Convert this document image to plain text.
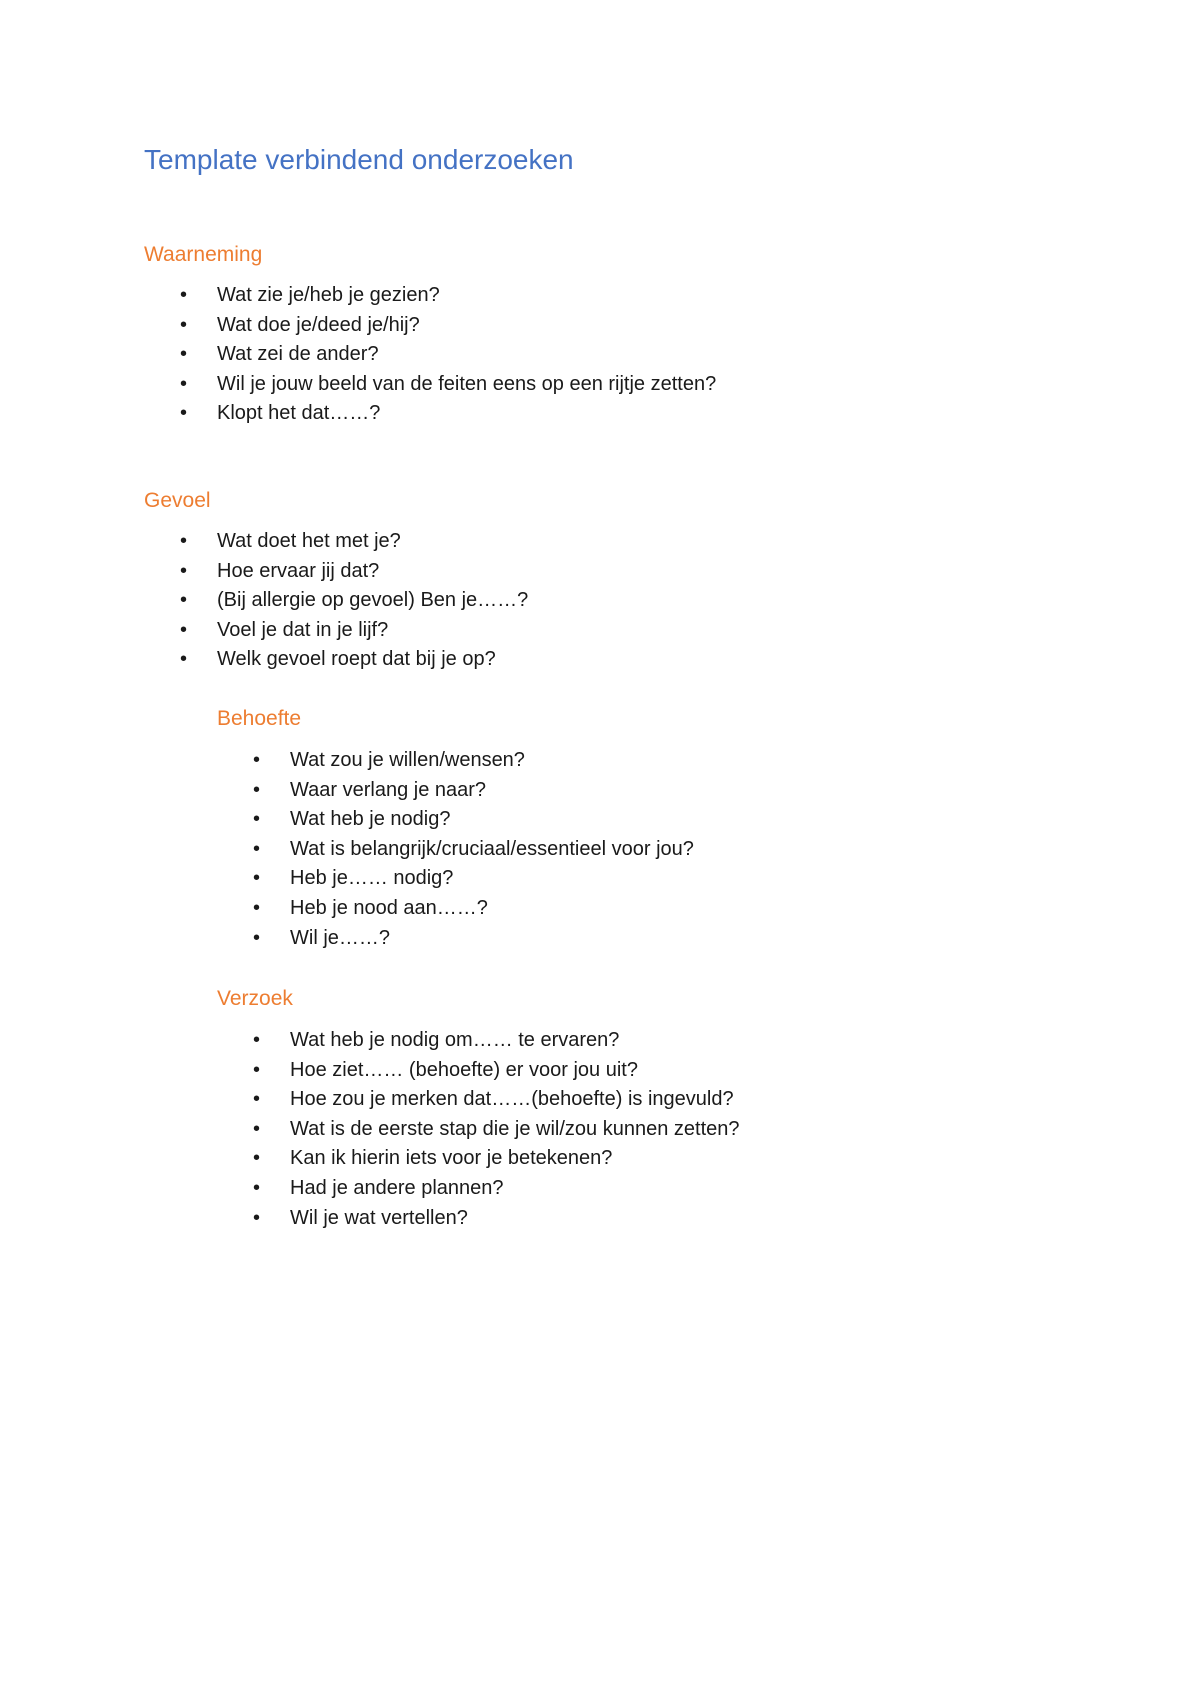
Template verbindend onderzoeken
Waarneming
• Wat zie je/heb je gezien?
• Wat doe je/deed je/hij?
• Wat zei de ander?
• Wil je jouw beeld van de feiten eens op een rijtje zetten?
• Klopt het dat……?
Gevoel
• Wat doet het met je?
• Hoe ervaar jij dat?
• (Bij allergie op gevoel) Ben je……?
• Voel je dat in je lijf?
• Welk gevoel roept dat bij je op?
Behoefte
• Wat zou je willen/wensen?
• Waar verlang je naar?
• Wat heb je nodig?
• Wat is belangrijk/cruciaal/essentieel voor jou?
• Heb je…… nodig?
• Heb je nood aan……?
• Wil je……?
Verzoek
• Wat heb je nodig om…… te ervaren?
• Hoe ziet…… (behoefte) er voor jou uit?
• Hoe zou je merken dat……(behoefte) is ingevuld?
• Wat is de eerste stap die je wil/zou kunnen zetten?
• Kan ik hierin iets voor je betekenen?
• Had je andere plannen?
• Wil je wat vertellen?
